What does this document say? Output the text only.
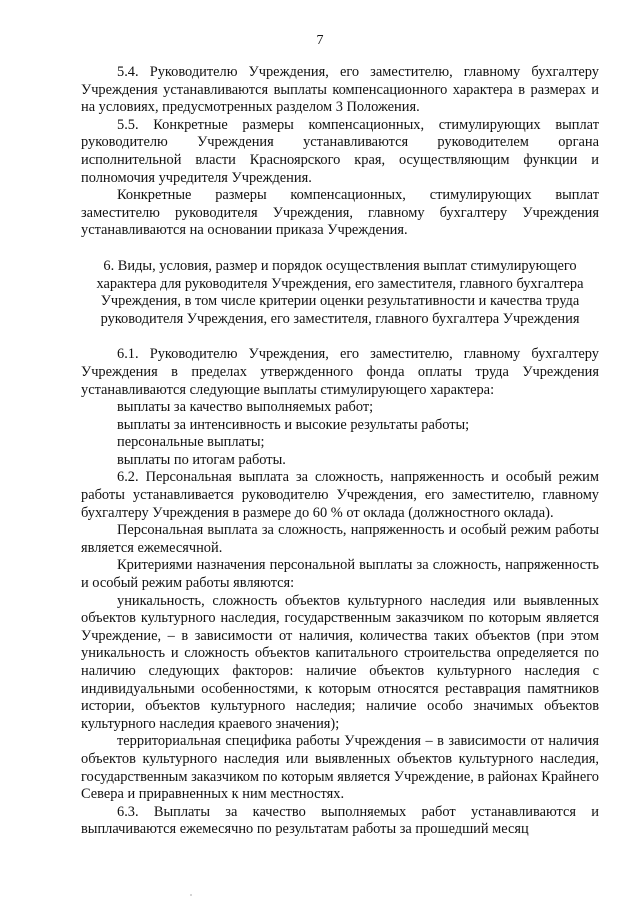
7

5.4. Руководителю Учреждения, его заместителю, главному бухгалтеру Учреждения устанавливаются выплаты компенсационного характера в размерах и на условиях, предусмотренных разделом 3 Положения.

5.5. Конкретные размеры компенсационных, стимулирующих выплат руководителю Учреждения устанавливаются руководителем органа исполнительной власти Красноярского края, осуществляющим функции и полномочия учредителя Учреждения.

Конкретные размеры компенсационных, стимулирующих выплат заместителю руководителя Учреждения, главному бухгалтеру Учреждения устанавливаются на основании приказа Учреждения.

6. Виды, условия, размер и порядок осуществления выплат стимулирующего
характера для руководителя Учреждения, его заместителя, главного бухгалтера
Учреждения, в том числе критерии оценки результативности и качества труда
руководителя Учреждения, его заместителя, главного бухгалтера Учреждения

6.1. Руководителю Учреждения, его заместителю, главному бухгалтеру Учреждения в пределах утвержденного фонда оплаты труда Учреждения устанавливаются следующие выплаты стимулирующего характера:

выплаты за качество выполняемых работ;

выплаты за интенсивность и высокие результаты работы;

персональные выплаты;

выплаты по итогам работы.

6.2. Персональная выплата за сложность, напряженность и особый режим работы устанавливается руководителю Учреждения, его заместителю, главному бухгалтеру Учреждения в размере до 60 % от оклада (должностного оклада).

Персональная выплата за сложность, напряженность и особый режим работы является ежемесячной.

Критериями назначения персональной выплаты за сложность, напряженность и особый режим работы являются:

уникальность, сложность объектов культурного наследия или выявленных объектов культурного наследия, государственным заказчиком по которым является Учреждение, – в зависимости от наличия, количества таких объектов (при этом уникальность и сложность объектов капитального строительства определяется по наличию следующих факторов: наличие объектов культурного наследия с индивидуальными особенностями, к которым относятся реставрация памятников истории, объектов культурного наследия; наличие особо значимых объектов культурного наследия краевого значения);

территориальная специфика работы Учреждения – в зависимости от наличия объектов культурного наследия или выявленных объектов культурного наследия, государственным заказчиком по которым является Учреждение, в районах Крайнего Севера и приравненных к ним местностях.

6.3. Выплаты за качество выполняемых работ устанавливаются и выплачиваются ежемесячно по результатам работы за прошедший месяц
